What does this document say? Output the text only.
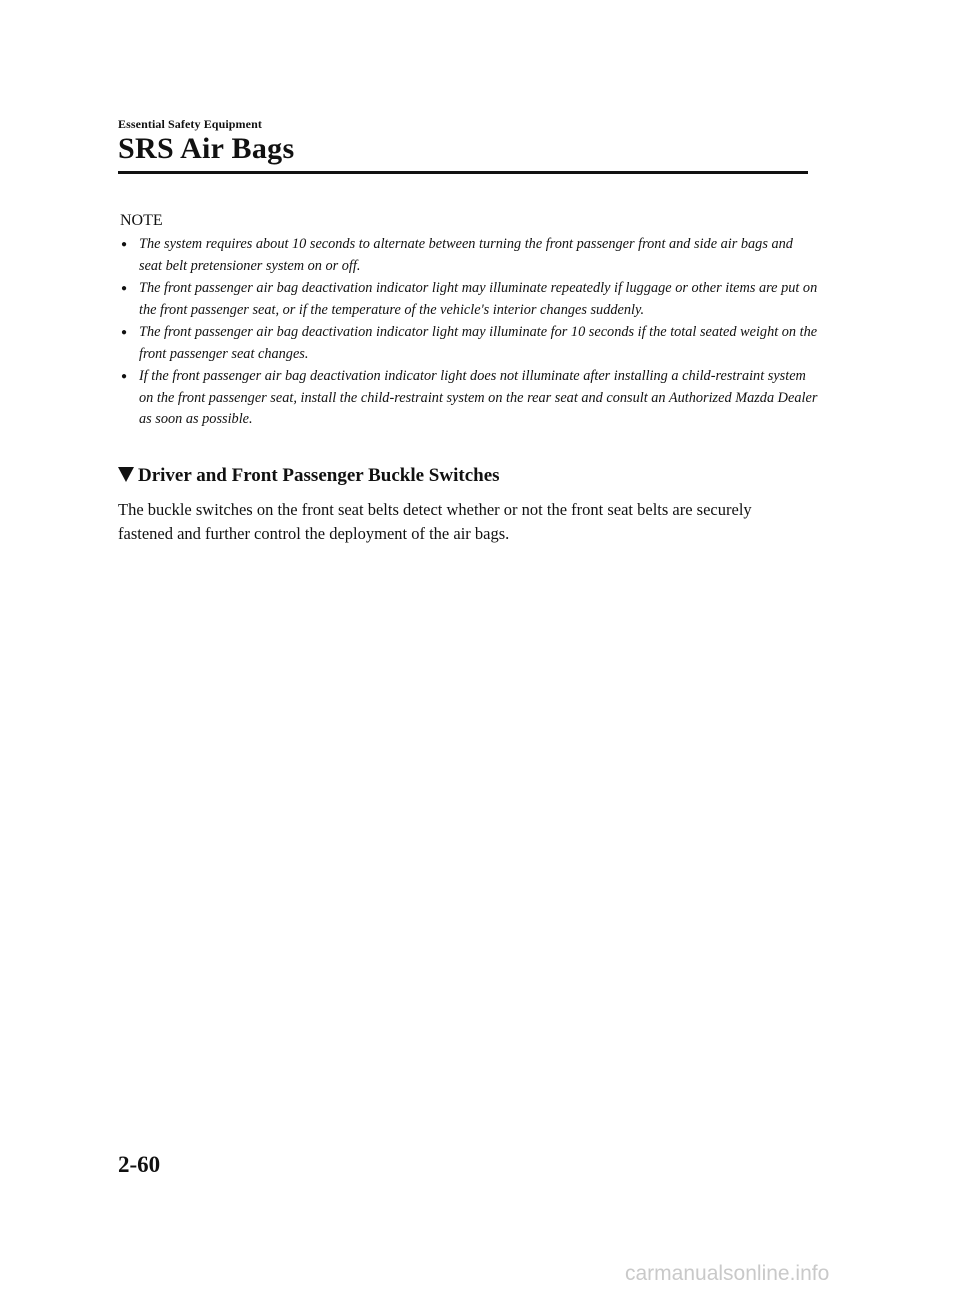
Essential Safety Equipment
SRS Air Bags
NOTE
● The system requires about 10 seconds to alternate between turning the front passenger front and side air bags and seat belt pretensioner system on or off.
● The front passenger air bag deactivation indicator light may illuminate repeatedly if luggage or other items are put on the front passenger seat, or if the temperature of the vehicle's interior changes suddenly.
● The front passenger air bag deactivation indicator light may illuminate for 10 seconds if the total seated weight on the front passenger seat changes.
● If the front passenger air bag deactivation indicator light does not illuminate after installing a child-restraint system on the front passenger seat, install the child-restraint system on the rear seat and consult an Authorized Mazda Dealer as soon as possible.
Driver and Front Passenger Buckle Switches

The buckle switches on the front seat belts detect whether or not the front seat belts are securely fastened and further control the deployment of the air bags.

2-60
carmanualsonline.info
